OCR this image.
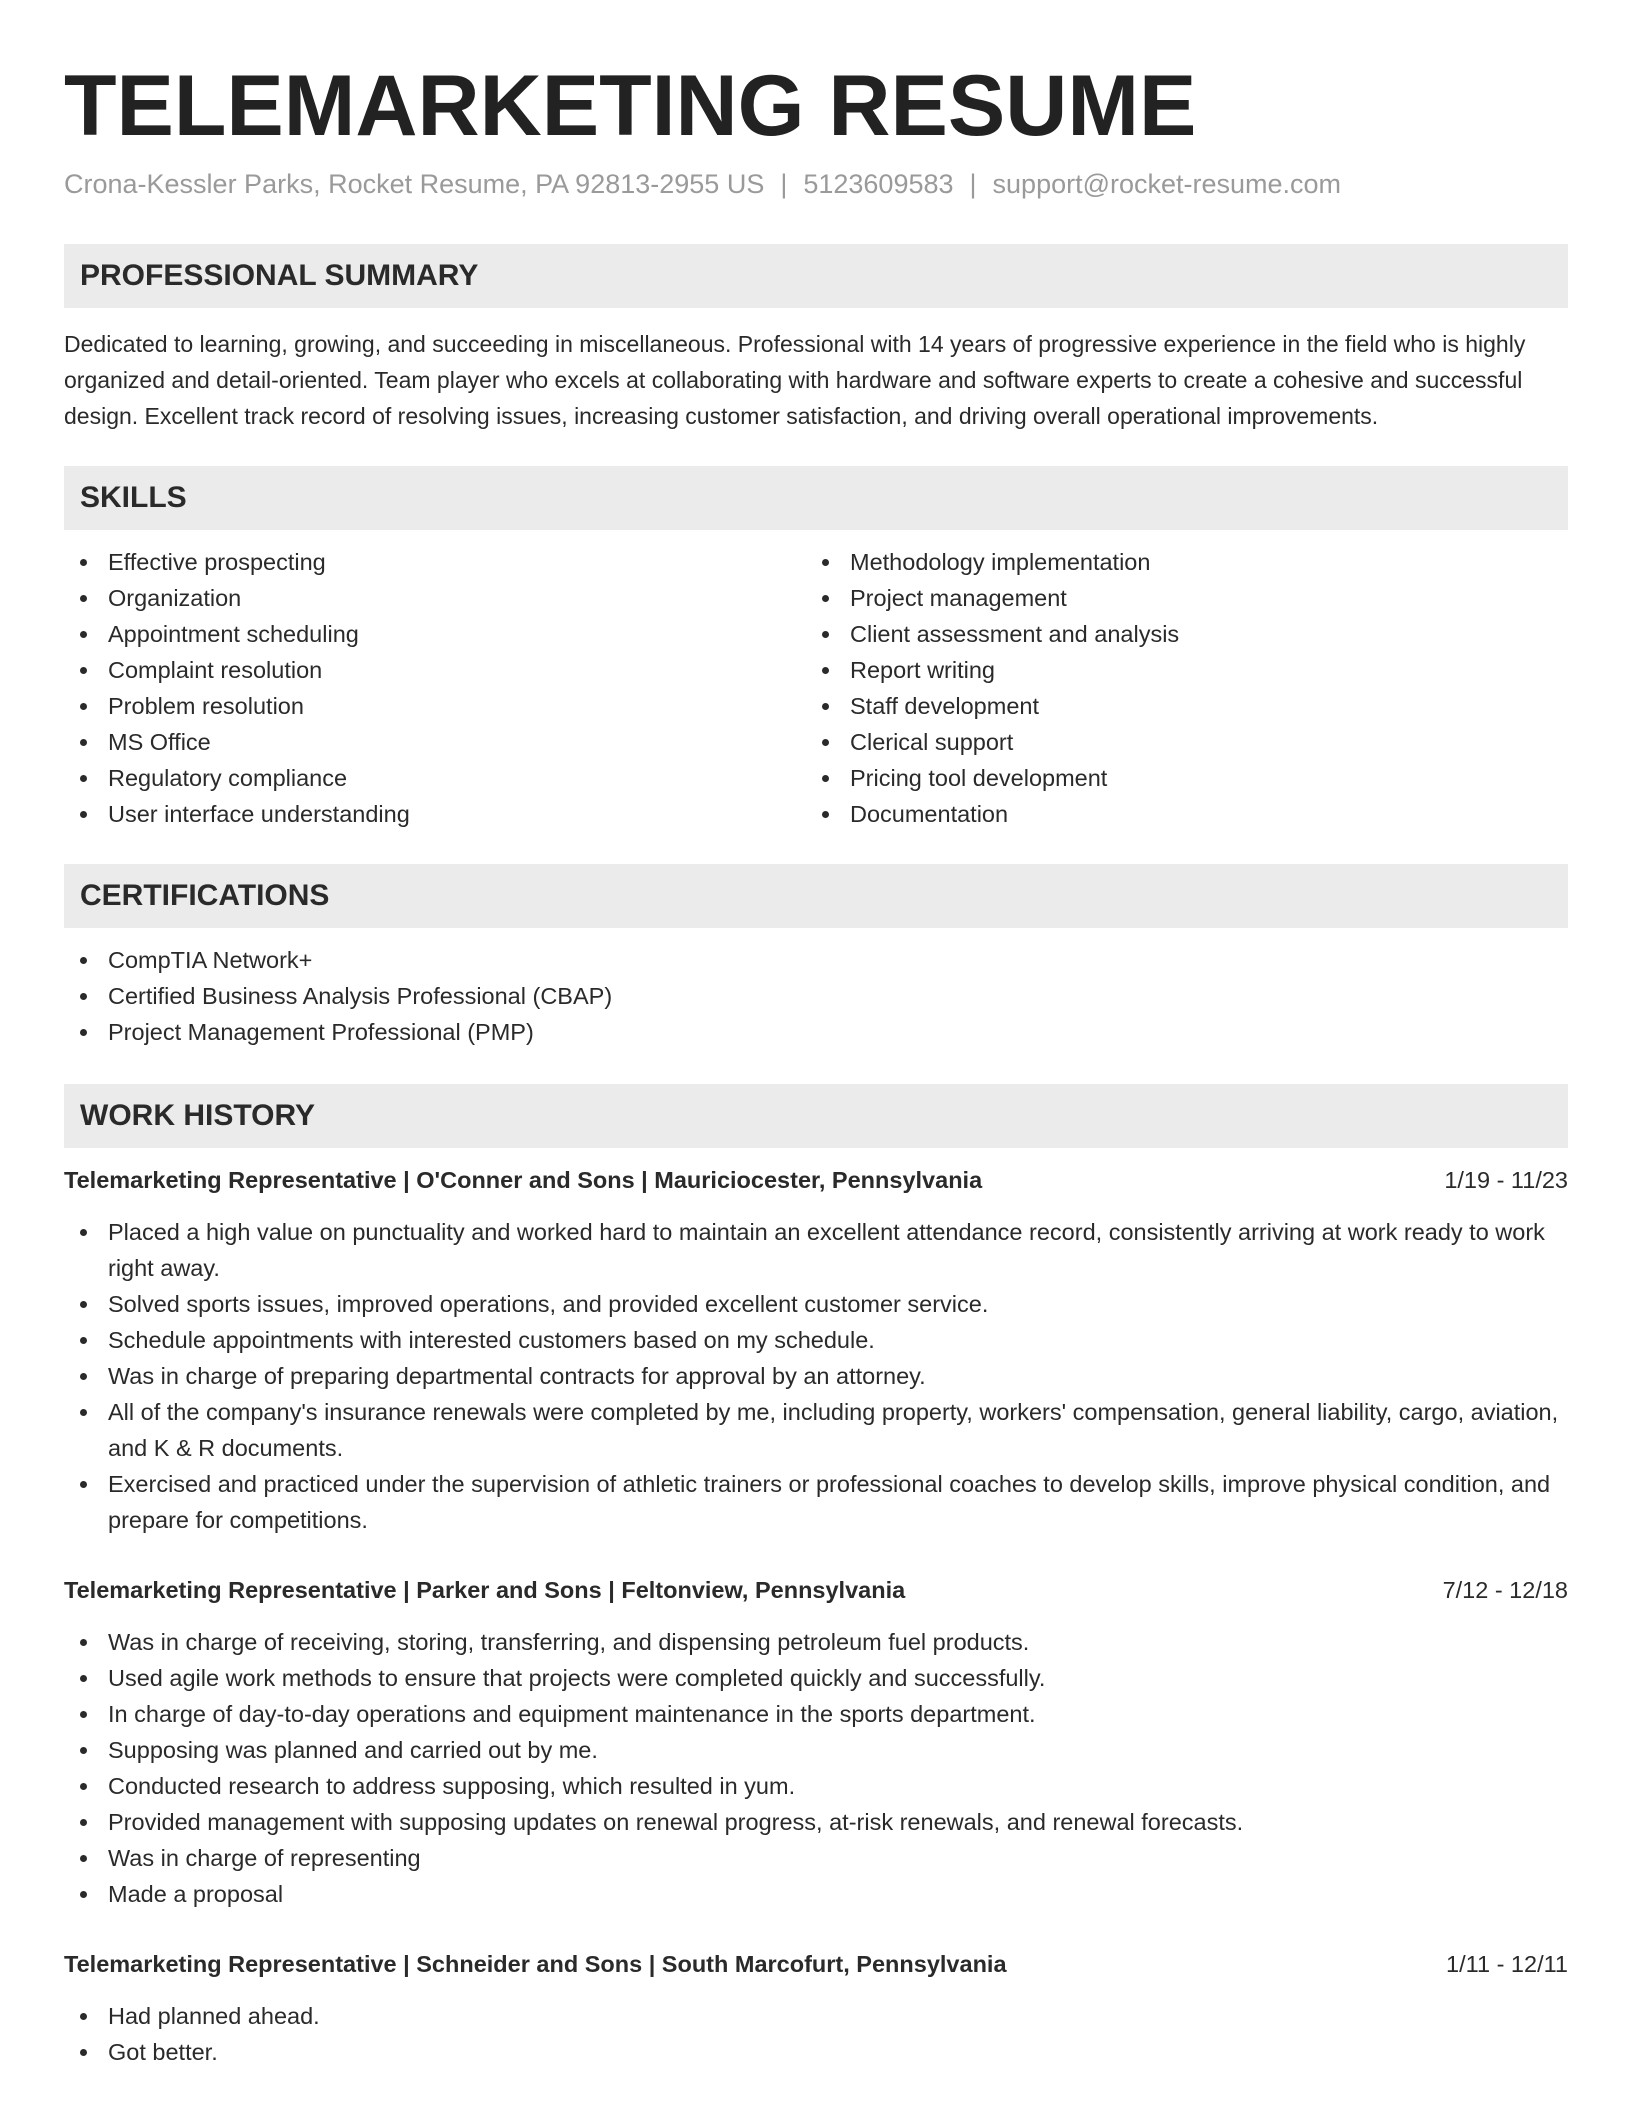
TELEMARKETING RESUME
Crona-Kessler Parks, Rocket Resume, PA 92813-2955 US | 5123609583 | support@rocket-resume.com
PROFESSIONAL SUMMARY

Dedicated to learning, growing, and succeeding in miscellaneous. Professional with 14 years of progressive experience in the field who is highly organized and detail-oriented. Team player who excels at collaborating with hardware and software experts to create a cohesive and successful design. Excellent track record of resolving issues, increasing customer satisfaction, and driving overall operational improvements.

SKILLS
Effective prospecting
Organization
Appointment scheduling
Complaint resolution
Problem resolution
MS Office
Regulatory compliance
User interface understanding
Methodology implementation
Project management
Client assessment and analysis
Report writing
Staff development
Clerical support
Pricing tool development
Documentation
CERTIFICATIONS
CompTIA Network+
Certified Business Analysis Professional (CBAP)
Project Management Professional (PMP)
WORK HISTORY
Telemarketing Representative | O'Conner and Sons | Mauriciocester, Pennsylvania	1/19 - 11/23
Placed a high value on punctuality and worked hard to maintain an excellent attendance record, consistently arriving at work ready to work right away.
Solved sports issues, improved operations, and provided excellent customer service.
Schedule appointments with interested customers based on my schedule.
Was in charge of preparing departmental contracts for approval by an attorney.
All of the company's insurance renewals were completed by me, including property, workers' compensation, general liability, cargo, aviation, and K & R documents.
Exercised and practiced under the supervision of athletic trainers or professional coaches to develop skills, improve physical condition, and prepare for competitions.
Telemarketing Representative | Parker and Sons | Feltonview, Pennsylvania	7/12 - 12/18
Was in charge of receiving, storing, transferring, and dispensing petroleum fuel products.
Used agile work methods to ensure that projects were completed quickly and successfully.
In charge of day-to-day operations and equipment maintenance in the sports department.
Supposing was planned and carried out by me.
Conducted research to address supposing, which resulted in yum.
Provided management with supposing updates on renewal progress, at-risk renewals, and renewal forecasts.
Was in charge of representing
Made a proposal
Telemarketing Representative | Schneider and Sons | South Marcofurt, Pennsylvania	1/11 - 12/11
Had planned ahead.
Got better.
